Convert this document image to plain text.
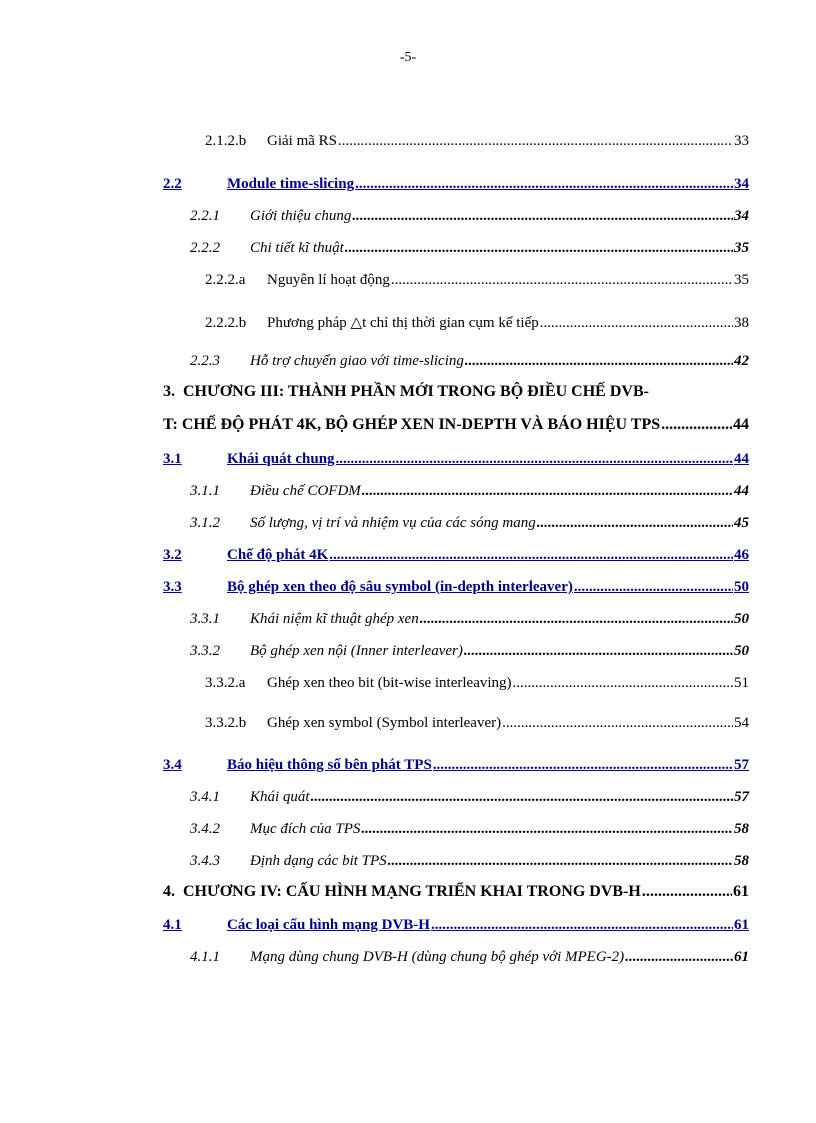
-5-
2.1.2.b	Giải mã RS .....	33
2.2	Module time-slicing .....	34
2.2.1	Giới thiệu chung .....	34
2.2.2	Chi tiết kĩ thuật .....	35
2.2.2.a	Nguyên lí hoạt động .....	35
2.2.2.b	Phương pháp △t chỉ thị thời gian cụm kế tiếp .....	38
2.2.3	Hỗ trợ chuyển giao với time-slicing .....	42
3. CHƯƠNG III: THÀNH PHẦN MỚI TRONG BỘ ĐIỀU CHẾ DVB-
T: CHẾ ĐỘ PHÁT 4K, BỘ GHÉP XEN IN-DEPTH VÀ BÁO HIỆU TPS .....	44
3.1	Khái quát chung .....	44
3.1.1	Điều chế COFDM .....	44
3.1.2	Số lượng, vị trí và nhiệm vụ của các sóng mang .....	45
3.2	Chế độ phát 4K .....	46
3.3	Bộ ghép xen theo độ sâu symbol (in-depth interleaver) .....	50
3.3.1	Khái niệm kĩ thuật ghép xen .....	50
3.3.2	Bộ ghép xen nội (Inner interleaver) .....	50
3.3.2.a	Ghép xen theo bit (bit-wise interleaving) .....	51
3.3.2.b	Ghép xen symbol (Symbol interleaver) .....	54
3.4	Báo hiệu thông số bên phát TPS .....	57
3.4.1	Khái quát .....	57
3.4.2	Mục đích của TPS .....	58
3.4.3	Định dạng các bit TPS .....	58
4. CHƯƠNG IV: CẤU HÌNH MẠNG TRIỂN KHAI TRONG DVB-H .....	61
4.1	Các loại cấu hình mạng DVB-H .....	61
4.1.1	Mạng dùng chung DVB-H (dùng chung bộ ghép với MPEG-2) .....	61
